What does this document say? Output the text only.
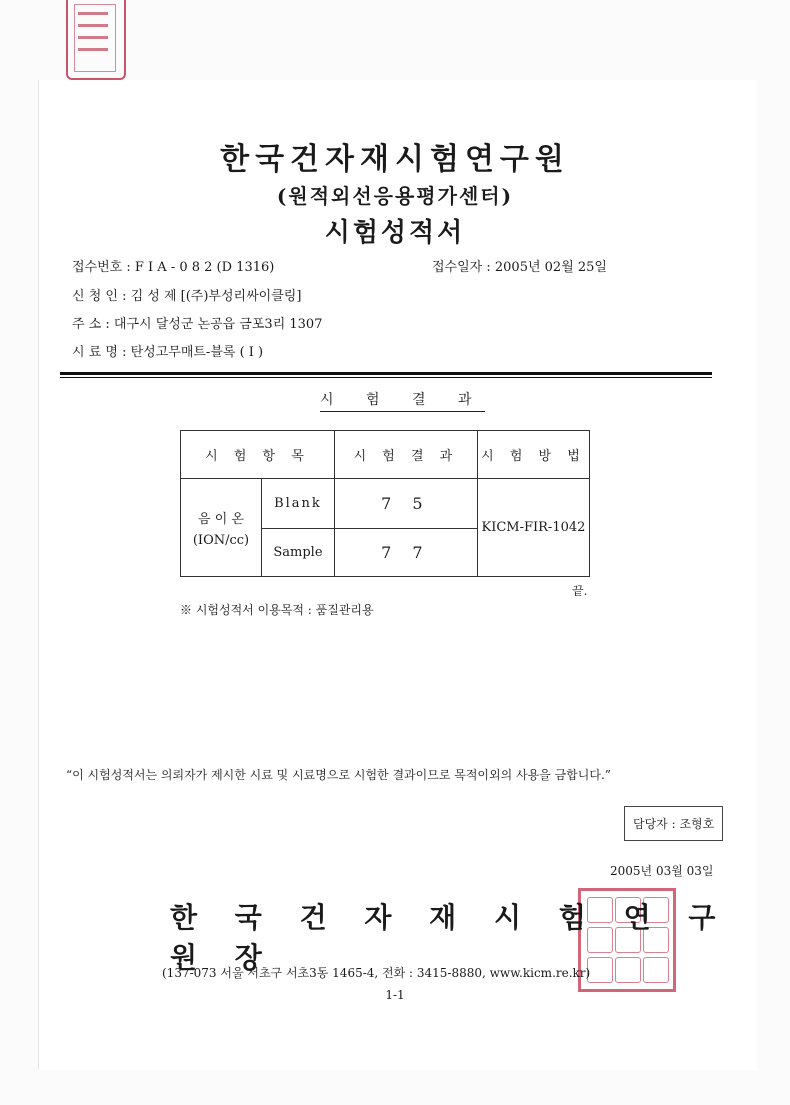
한국건자재시험연구원
(원적외선응용평가센터)
시험성적서
접수번호 : F I A - 0 8 2 (D 1316)	접수일자 : 2005년 02월 25일
신 청 인 : 김 성 제 [(주)부성리싸이클링]
주 소 : 대구시 달성군 논공읍 금포3리 1307
시 료 명 : 탄성고무매트-블록 ( I )
시 험 결 과
시 험 항 목		시 험 결 과	시 험 방 법

음 이 온
(ION/cc)	Blank	7 5	KICM-FIR-1042
	Sample	7 7	
끝.
※ 시험성적서 이용목적 : 품질관리용
“이 시험성적서는 의뢰자가 제시한 시료 및 시료명으로 시험한 결과이므로 목적이외의 사용을 금합니다.”
담당자 : 조형호
2005년 03월 03일
한 국 건 자 재 시 험 연 구 원 장
(137-073 서울 서초구 서초3동 1465-4, 전화 : 3415-8880, www.kicm.re.kr)
1-1
